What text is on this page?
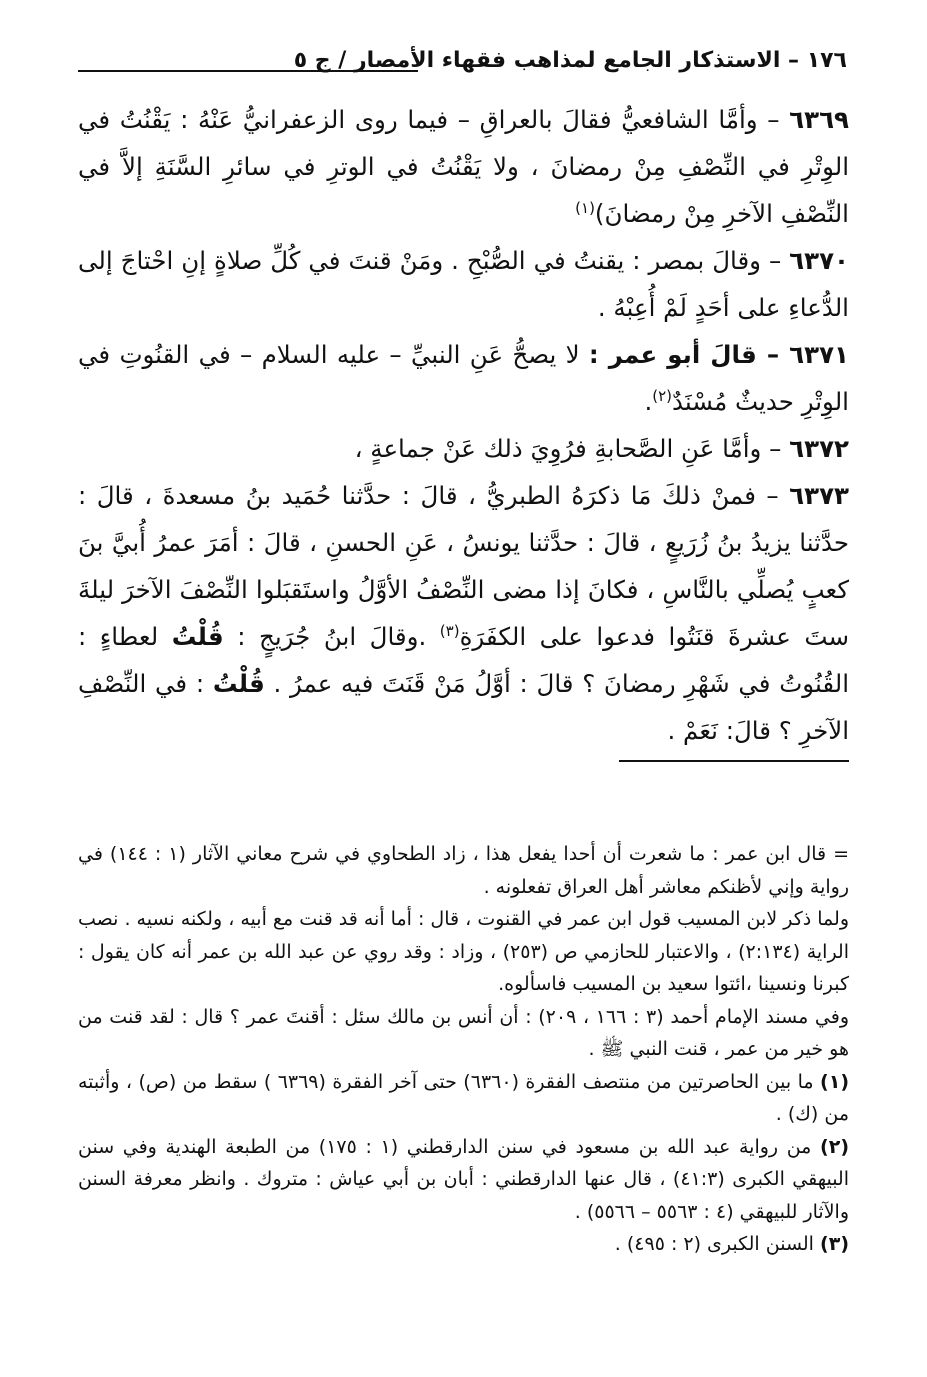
١٧٦ – الاستذكار الجامع لمذاهب فقهاء الأمصار / ج ٥

٦٣٦٩ – وأمَّا الشافعيُّ فقالَ بالعراقِ – فيما روى الزعفرانيُّ عَنْهُ : يَقْنُتُ في الوِتْرِ في النِّصْفِ مِنْ رمضانَ ، ولا يَقْنُتُ في الوترِ في سائرِ السَّنَةِ إلاَّ في النِّصْفِ الآخرِ مِنْ رمضانَ)$^{(١)}$

٦٣٧٠ – وقالَ بمصر : يقنتُ في الصُّبْحِ . ومَنْ قنتَ في كُلِّ صلاةٍ إنِ احْتاجَ إلى الدُّعاءِ على أحَدٍ لَمْ أُعِبْهُ .

٦٣٧١ – قالَ أبو عمر : لا يصحُّ عَنِ النبيِّ – عليه السلام – في القنُوتِ في الوِتْرِ حديثٌ مُسْنَدٌ$^{(٢)}$.

٦٣٧٢ – وأمَّا عَنِ الصَّحابةِ فرُوِيَ ذلك عَنْ جماعةٍ ،

٦٣٧٣ – فمنْ ذلكَ مَا ذكرَهُ الطبريُّ ، قالَ : حدَّثنا حُمَيد بنُ مسعدةَ ، قالَ : حدَّثنا يزيدُ بنُ زُرَيعٍ ، قالَ : حدَّثنا يونسُ ، عَنِ الحسنِ ، قالَ : أمَرَ عمرُ أُبيَّ بنَ كعبٍ يُصلِّي بالنَّاسِ ، فكانَ إذا مضى النِّصْفُ الأوَّلُ واستَقبَلوا النِّصْفَ الآخرَ ليلةَ ستَ عشرةَ قنَتُوا فدعوا على الكفَرَةِ$^{(٣)}$ .وقالَ ابنُ جُرَيجٍ : قُلْتُ لعطاءٍ : القُنُوتُ في شَهْرِ رمضانَ ؟ قالَ : أوَّلُ مَنْ قَنَتَ فيه عمرُ . قُلْتُ : في النِّصْفِ الآخرِ ؟ قالَ: نَعَمْ .

= قال ابن عمر : ما شعرت أن أحدا يفعل هذا ، زاد الطحاوي في شرح معاني الآثار (١ : ١٤٤) في رواية وإني لأظنكم معاشر أهل العراق تفعلونه .

ولما ذكر لابن المسيب قول ابن عمر في القنوت ، قال : أما أنه قد قنت مع أبيه ، ولكنه نسيه . نصب الراية (٢:١٣٤) ، والاعتبار للحازمي ص (٢٥٣) ، وزاد : وقد روي عن عبد الله بن عمر أنه كان يقول : كبرنا ونسينا ،ائتوا سعيد بن المسيب فاسألوه.

وفي مسند الإمام أحمد (٣ : ١٦٦ ، ٢٠٩) : أن أنس بن مالك سئل : أقنتَ عمر ؟ قال : لقد قنت من هو خير من عمر ، قنت النبي ﷺ .

(١) ما بين الحاصرتين من منتصف الفقرة (٦٣٦٠) حتى آخر الفقرة (٦٣٦٩ ) سقط من (ص) ، وأثبته من (ك) .

(٢) من رواية عبد الله بن مسعود في سنن الدارقطني (١ : ١٧٥) من الطبعة الهندية وفي سنن البيهقي الكبرى (٤١:٣) ، قال عنها الدارقطني : أبان بن أبي عياش : متروك . وانظر معرفة السنن والآثار للبيهقي (٤ : ٥٥٦٣ – ٥٥٦٦) .

(٣) السنن الكبرى (٢ : ٤٩٥) .
